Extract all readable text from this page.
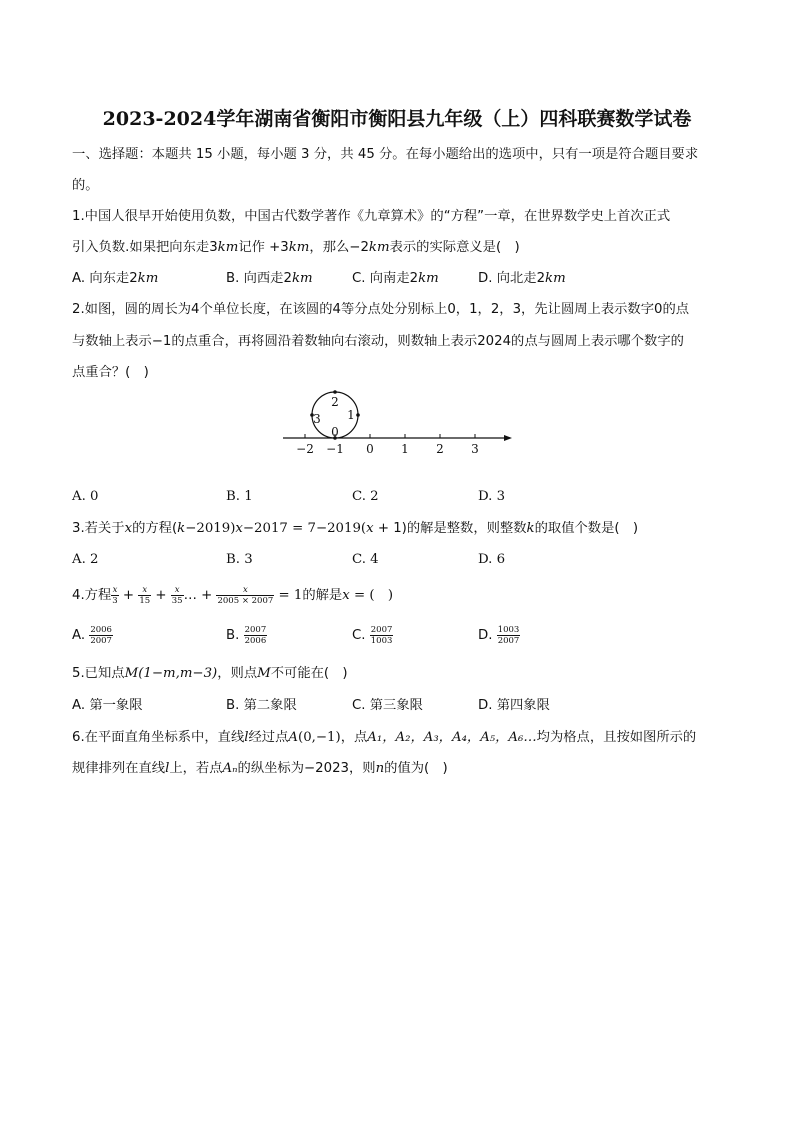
2023-2024学年湖南省衡阳市衡阳县九年级（上）四科联赛数学试卷
一、选择题：本题共 15 小题，每小题 3 分，共 45 分。在每小题给出的选项中，只有一项是符合题目要求
的。
1.中国人很早开始使用负数，中国古代数学著作《九章算术》的“方程”一章，在世界数学史上首次正式
引入负数.如果把向东走3km记作 +3km，那么−2km表示的实际意义是(　)
A. 向东走2km	B. 向西走2km	C. 向南走2km	D. 向北走2km
2.如图，圆的周长为4个单位长度，在该圆的4等分点处分别标上0，1，2，3，先让圆周上表示数字0的点
与数轴上表示−1的点重合，再将圆沿着数轴向右滚动，则数轴上表示2024的点与圆周上表示哪个数字的
点重合？(　)
−2 −1 0 1 2 3
2
1
0
3
A. 0	B. 1	C. 2	D. 3
3.若关于x的方程(k−2019)x−2017 = 7−2019(x + 1)的解是整数，则整数k的取值个数是(　)
A. 2	B. 3	C. 4	D. 6
4.方程 $\frac{x}{3} + \frac{x}{15} + \frac{x}{35}$ … + $\frac{x}{2005 \times 2007} = 1$的解是x = (　)
A. $\frac{2006}{2007}$	B. $\frac{2007}{2006}$	C. $\frac{2007}{1003}$	D. $\frac{1003}{2007}$
5.已知点M(1−m,m−3)，则点M不可能在(　)
A. 第一象限	B. 第二象限	C. 第三象限	D. 第四象限
6.在平面直角坐标系中，直线l经过点A(0,−1)，点A₁，A₂，A₃，A₄，A₅，A₆…均为格点，且按如图所示的
规律排列在直线l上，若点Aₙ的纵坐标为−2023，则n的值为(　)
